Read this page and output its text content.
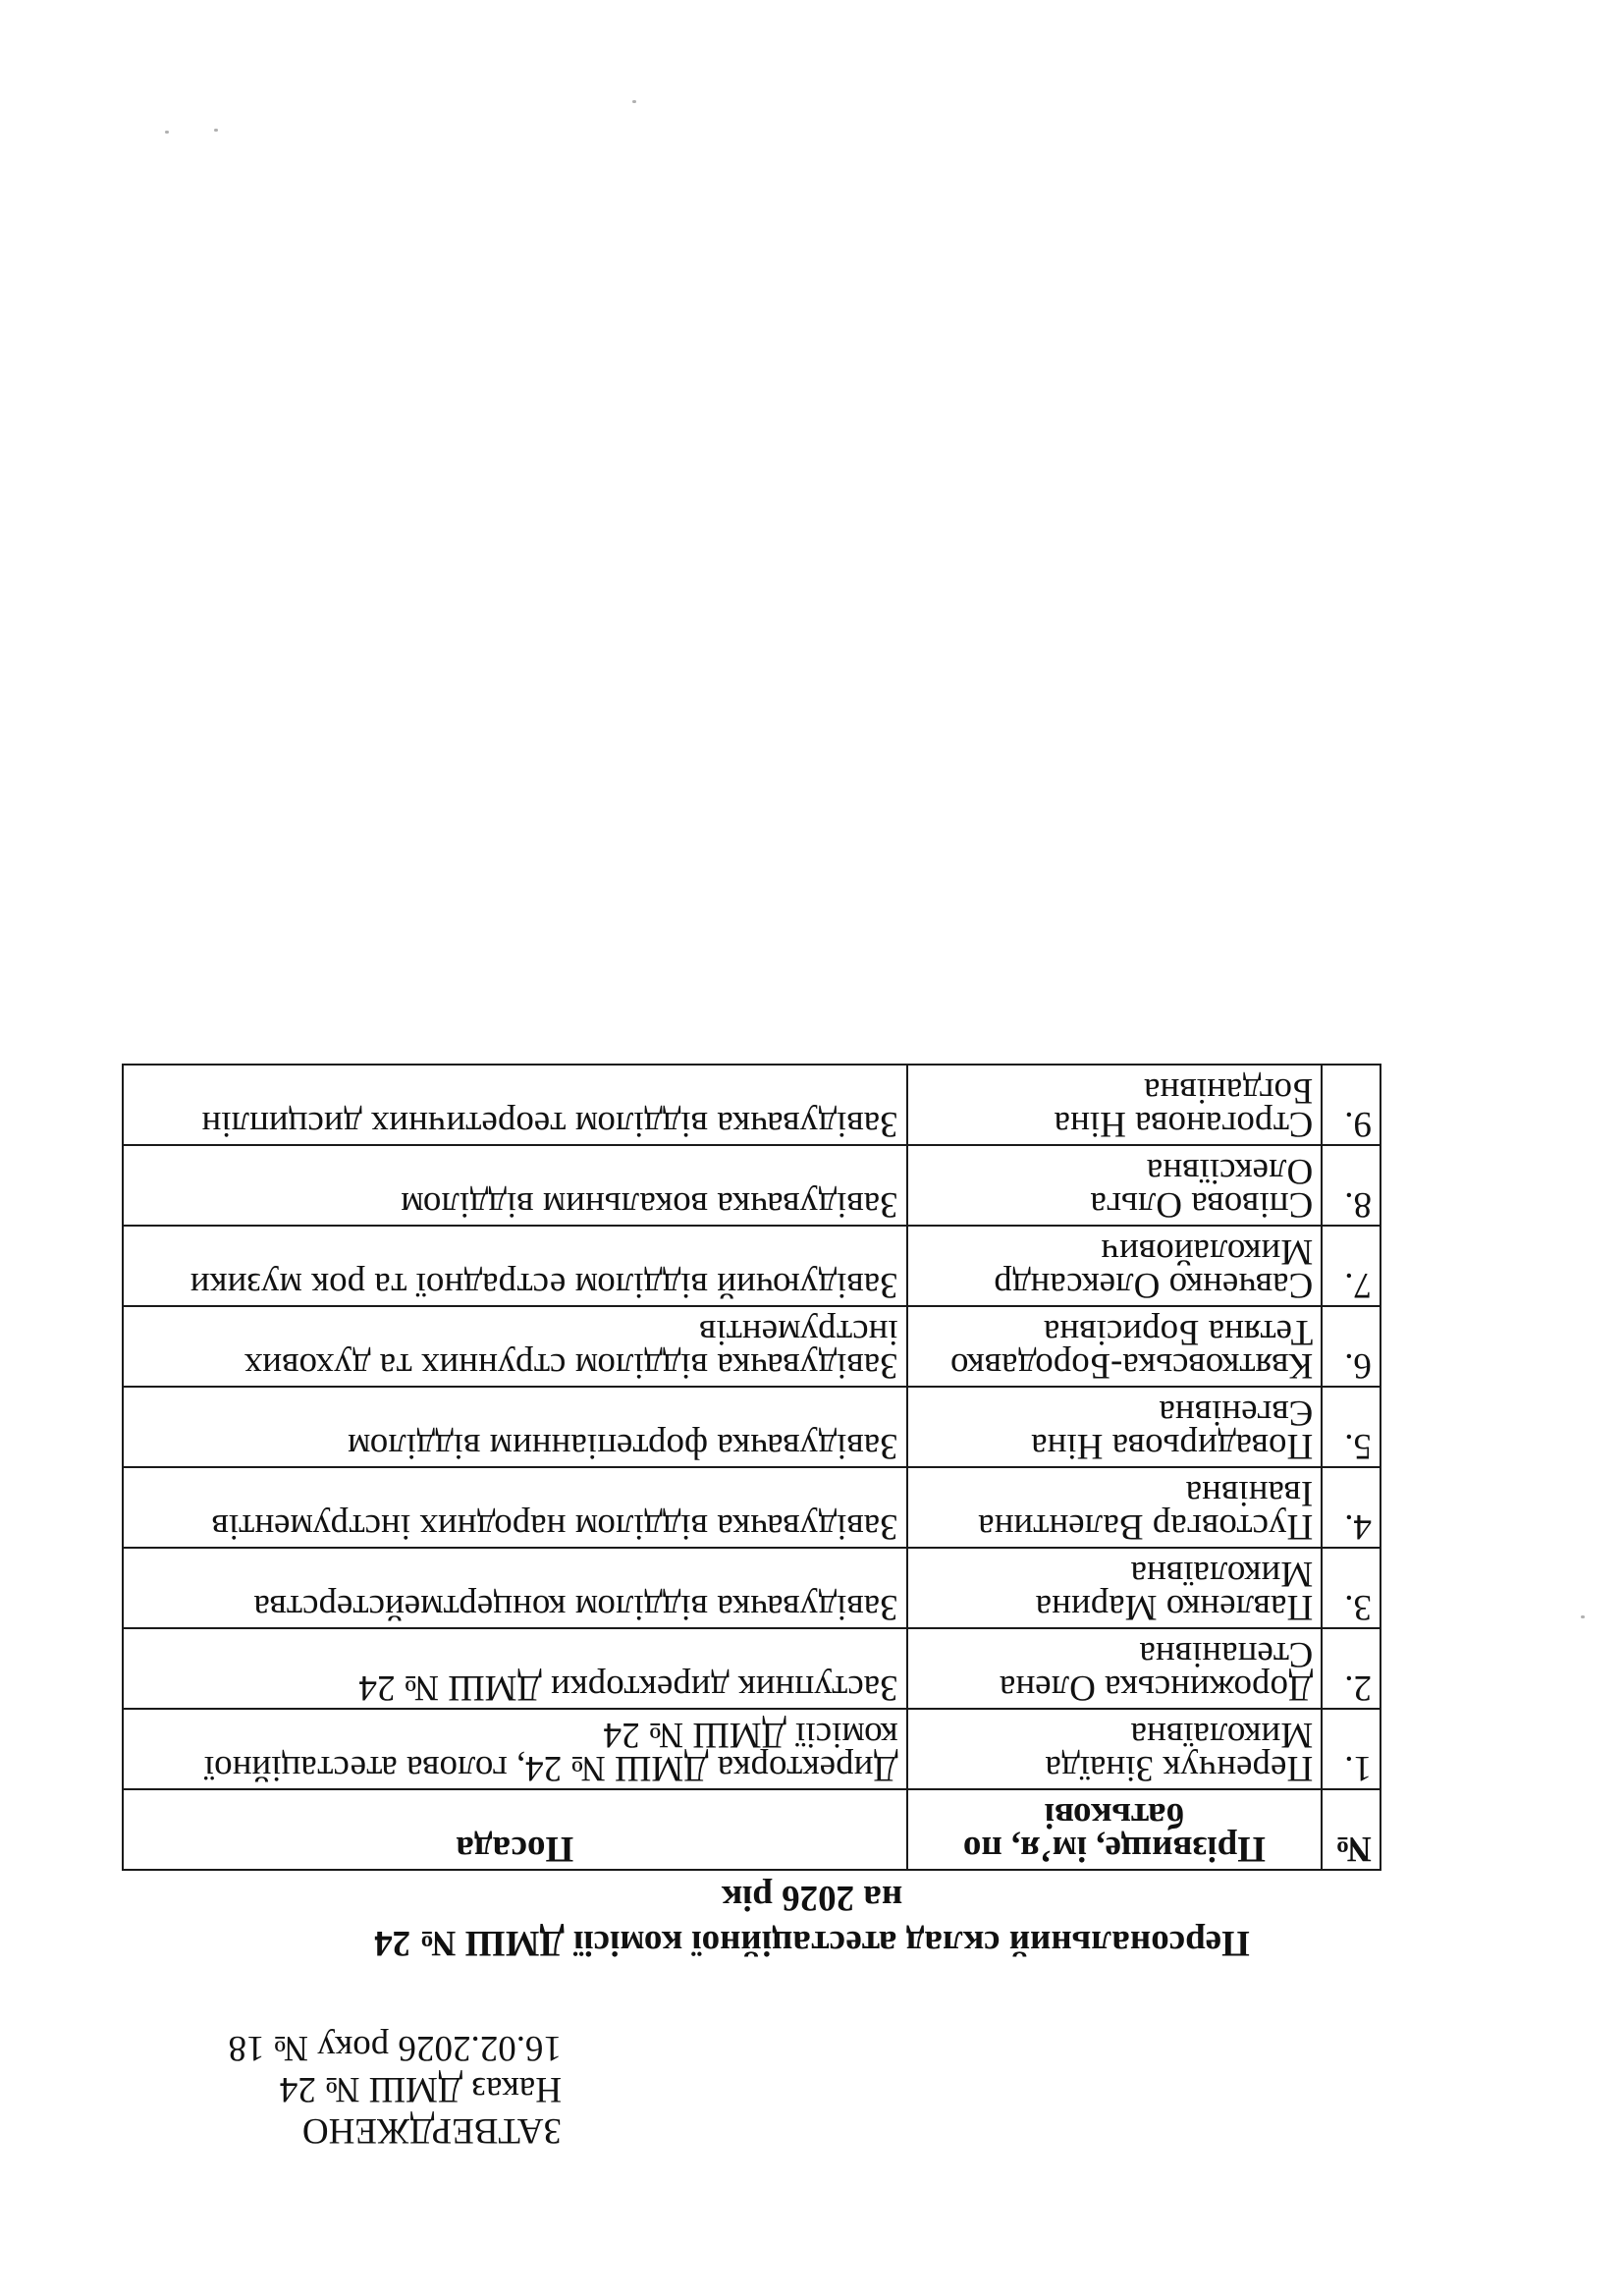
ЗАТВЕРДЖЕНО
Наказ ДМШ № 24
16.02.2026 року № 18
Персональний склад атестаційної комісії ДМШ № 24
на 2026 рік
№	Прізвище, ім’я, по батькові	Посада
1.	Перенчук Зінаїда Миколаївна	Директорка ДМШ № 24, голова атестаційної комісії ДМШ № 24
2.	Дорожинська Олена Степанівна	Заступник директорки ДМШ № 24
3.	Павленко Марина Миколаївна	Завідувачка відділом концертмейстерства
4.	Пустовгар Валентина Іванівна	Завідувачка відділом народних інструментів
5.	Повадирьова Ніна Євгенівна	Завідувачка фортепіанним відділом
6.	Квятковська-Бородавко Тетяна Борисівна	Завідувачка відділом струнних та духових інструментів
7.	Савченко Олександр Миколайович	Завідуючий відділом естрадної та рок музики
8.	Співова Ольга Олексіївна	Завідувачка вокальним відділом
9.	Строганова Ніна Богданівна	Завідувачка відділом теоретичних дисциплін
